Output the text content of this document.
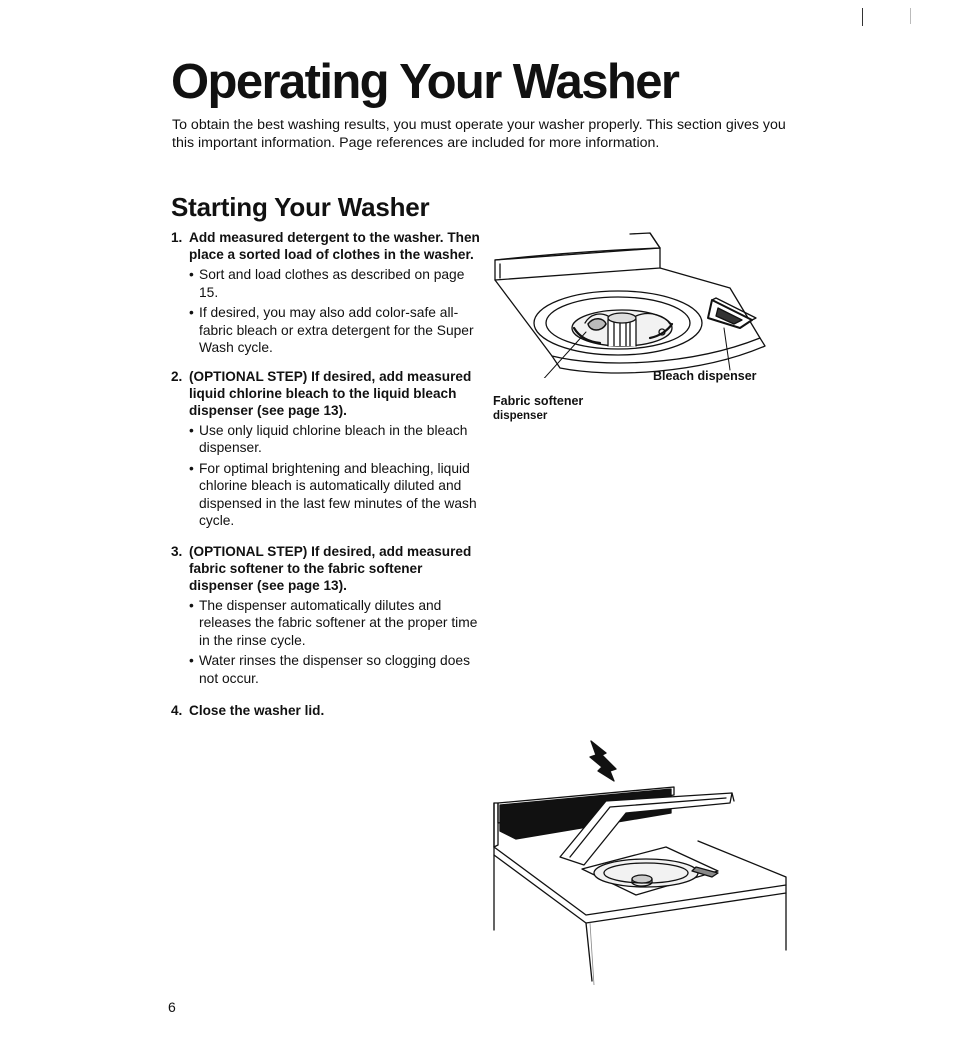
Operating Your Washer

To obtain the best washing results, you must operate your washer properly. This section gives you this important information. Page references are included for more information.

Starting Your Washer
1. Add measured detergent to the washer. Then place a sorted load of clothes in the washer.
• Sort and load clothes as described on page 15.
• If desired, you may also add color-safe all-fabric bleach or extra detergent for the Super Wash cycle.
2. (OPTIONAL STEP) If desired, add measured liquid chlorine bleach to the liquid bleach dispenser (see page 13).
• Use only liquid chlorine bleach in the bleach dispenser.
• For optimal brightening and bleaching, liquid chlorine bleach is automatically diluted and dispensed in the last few minutes of the wash cycle.
3. (OPTIONAL STEP) If desired, add measured fabric softener to the fabric softener dispenser (see page 13).
• The dispenser automatically dilutes and releases the fabric softener at the proper time in the rinse cycle.
• Water rinses the dispenser so clogging does not occur.
4. Close the washer lid.
Bleach dispenser
Fabric softener
dispenser
6
